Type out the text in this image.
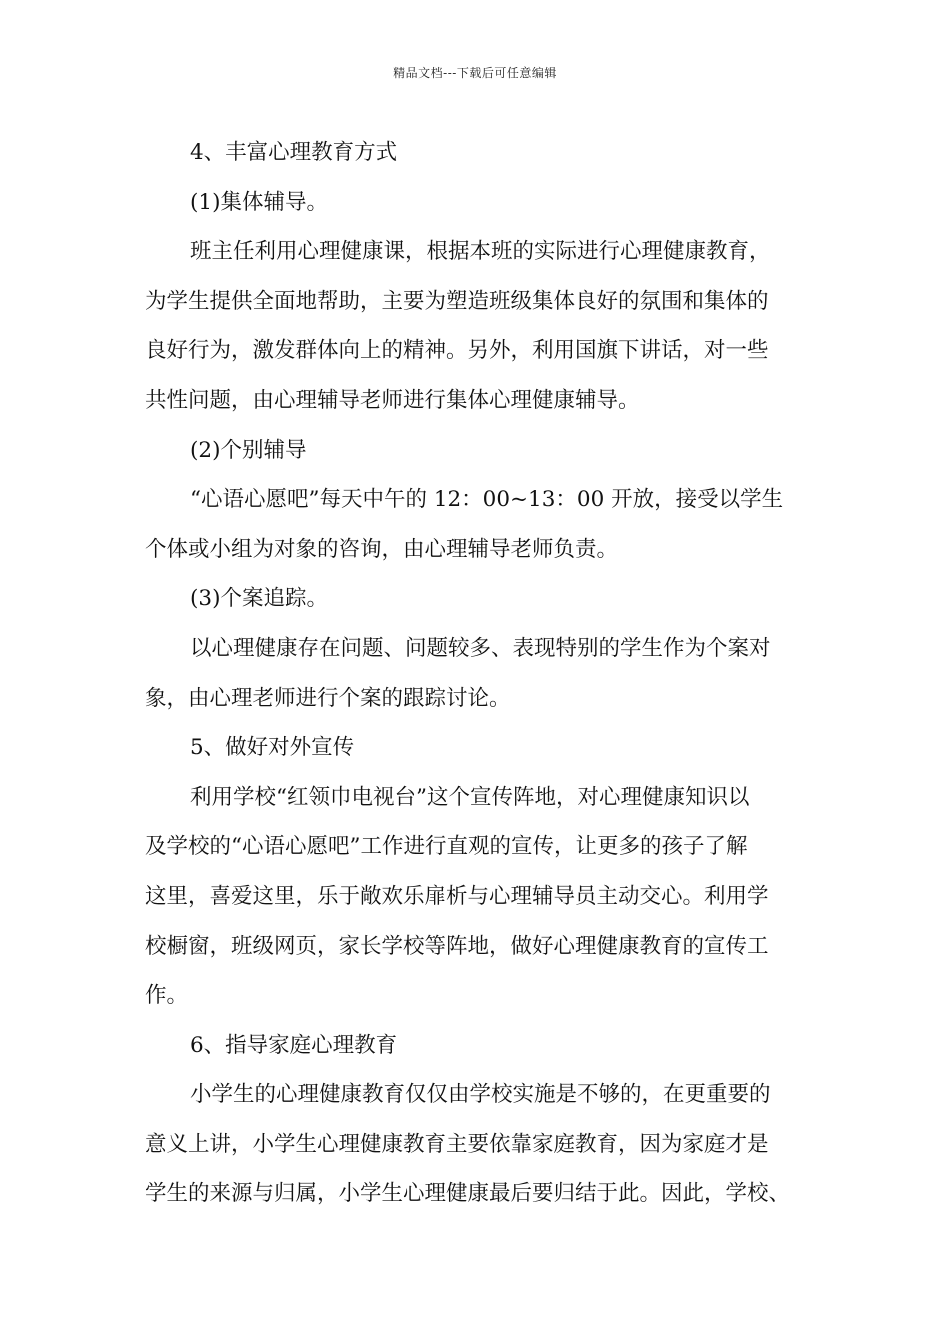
精品文档---下载后可任意编辑
4、丰富心理教育方式
(1)集体辅导。
班主任利用心理健康课，根据本班的实际进行心理健康教育，
为学生提供全面地帮助，主要为塑造班级集体良好的氛围和集体的
良好行为，激发群体向上的精神。另外，利用国旗下讲话，对一些
共性问题，由心理辅导老师进行集体心理健康辅导。
(2)个别辅导
“心语心愿吧”每天中午的 12：00~13：00 开放，接受以学生
个体或小组为对象的咨询，由心理辅导老师负责。
(3)个案追踪。
以心理健康存在问题、问题较多、表现特别的学生作为个案对
象，由心理老师进行个案的跟踪讨论。
5、做好对外宣传
利用学校“红领巾电视台”这个宣传阵地，对心理健康知识以
及学校的“心语心愿吧”工作进行直观的宣传，让更多的孩子了解
这里，喜爱这里，乐于敞欢乐扉析与心理辅导员主动交心。利用学
校橱窗，班级网页，家长学校等阵地，做好心理健康教育的宣传工
作。
6、指导家庭心理教育
小学生的心理健康教育仅仅由学校实施是不够的，在更重要的
意义上讲，小学生心理健康教育主要依靠家庭教育，因为家庭才是
学生的来源与归属，小学生心理健康最后要归结于此。因此，学校、
